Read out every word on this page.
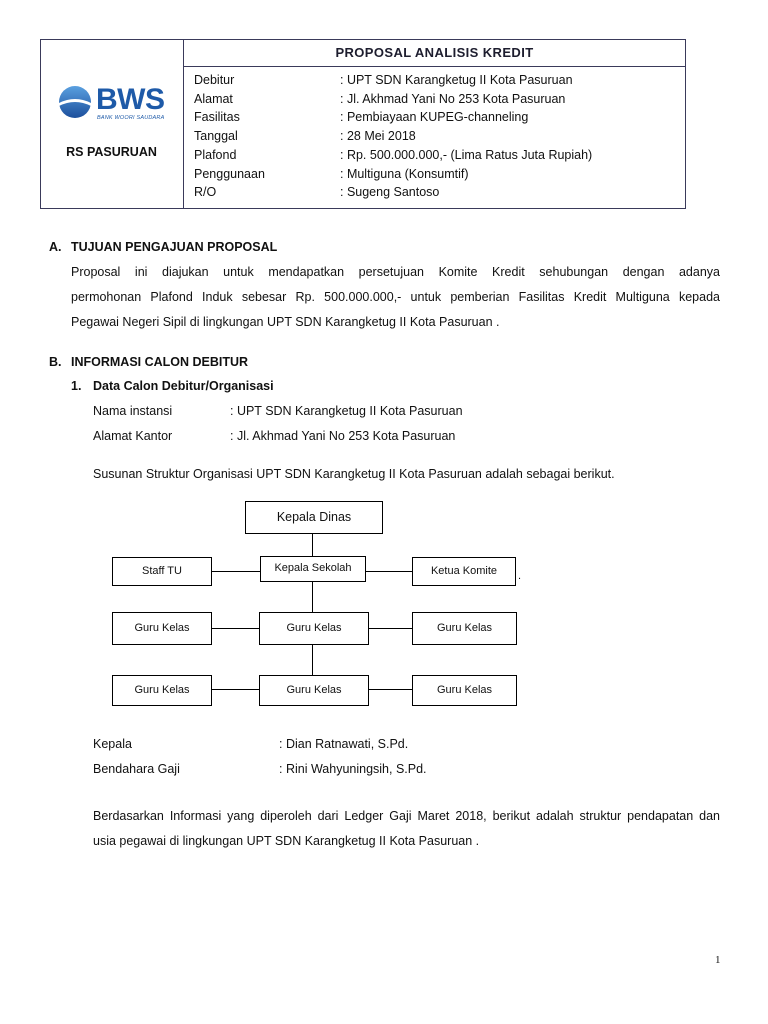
PROPOSAL ANALISIS KREDIT
BWS
BANK WOORI SAUDARA
RS PASURUAN
Debitur	: UPT SDN Karangketug II Kota Pasuruan
Alamat	: Jl. Akhmad Yani No 253 Kota Pasuruan
Fasilitas	: Pembiayaan KUPEG-channeling
Tanggal	: 28 Mei 2018
Plafond	: Rp. 500.000.000,- (Lima Ratus Juta Rupiah)
Penggunaan	: Multiguna (Konsumtif)
R/O	: Sugeng Santoso
A. TUJUAN PENGAJUAN PROPOSAL
Proposal ini diajukan untuk mendapatkan persetujuan Komite Kredit sehubungan dengan adanya
permohonan Plafond Induk sebesar Rp. 500.000.000,- untuk pemberian Fasilitas Kredit Multiguna kepada
Pegawai Negeri Sipil di lingkungan UPT SDN Karangketug II Kota Pasuruan .
B. INFORMASI CALON DEBITUR
1. Data Calon Debitur/Organisasi
Nama instansi	: UPT SDN Karangketug II Kota Pasuruan
Alamat Kantor	: Jl. Akhmad Yani No 253 Kota Pasuruan
Susunan Struktur Organisasi UPT SDN Karangketug II Kota Pasuruan adalah sebagai berikut.
Kepala Dinas
Staff TU	Kepala Sekolah	Ketua Komite	.
Guru Kelas	Guru Kelas	Guru Kelas
Guru Kelas	Guru Kelas	Guru Kelas
Kepala	: Dian Ratnawati, S.Pd.
Bendahara Gaji	: Rini Wahyuningsih, S.Pd.
Berdasarkan Informasi yang diperoleh dari Ledger Gaji Maret 2018, berikut adalah struktur pendapatan dan
usia pegawai di lingkungan UPT SDN Karangketug II Kota Pasuruan .
1
